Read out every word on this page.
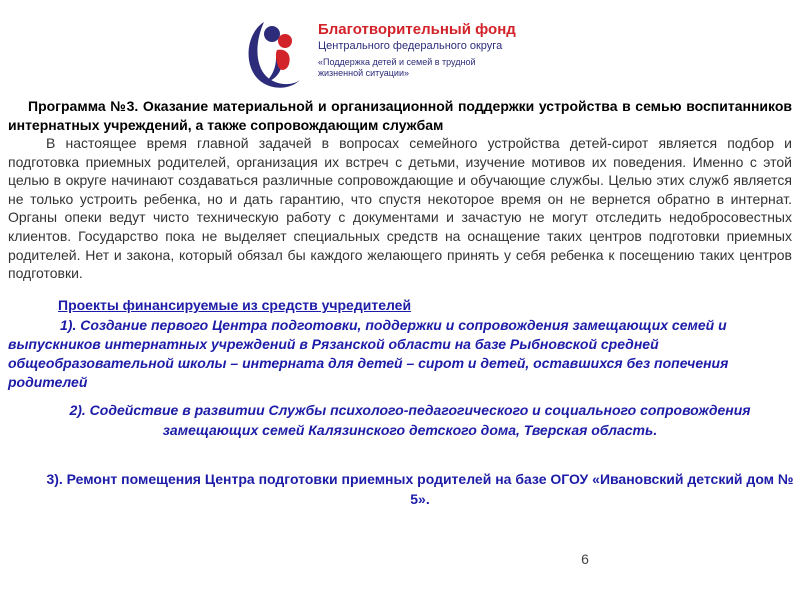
Благотворительный фонд
Центрального федерального округа
«Поддержка детей и семей в трудной жизненной ситуации»

Программа №3. Оказание материальной и организационной поддержки устройства в семью воспитанников интернатных учреждений, а также сопровождающим службам

В настоящее время главной задачей в вопросах семейного устройства детей-сирот является подбор и подготовка приемных родителей, организация их встреч с детьми, изучение мотивов их поведения. Именно с этой целью в округе начинают создаваться различные сопровождающие и обучающие службы. Целью этих служб является не только устроить ребенка, но и дать гарантию, что спустя некоторое время он не вернется обратно в интернат. Органы опеки ведут чисто техническую работу с документами и зачастую не могут отследить недобросовестных клиентов. Государство пока не выделяет специальных средств на оснащение таких центров подготовки приемных родителей. Нет и закона, который обязал бы каждого желающего принять у себя ребенка к посещению таких центров подготовки.

Проекты финансируемые из средств учредителей

1). Создание первого Центра подготовки, поддержки и сопровождения замещающих семей и выпускников интернатных учреждений в Рязанской области на базе Рыбновской средней общеобразовательной школы – интерната для детей – сирот и детей, оставшихся без попечения родителей

2). Содействие в развитии Службы психолого-педагогического и социального сопровождения замещающих семей Калязинского детского дома, Тверская область.

3). Ремонт помещения Центра подготовки приемных родителей на базе ОГОУ «Ивановский детский дом № 5».

6
